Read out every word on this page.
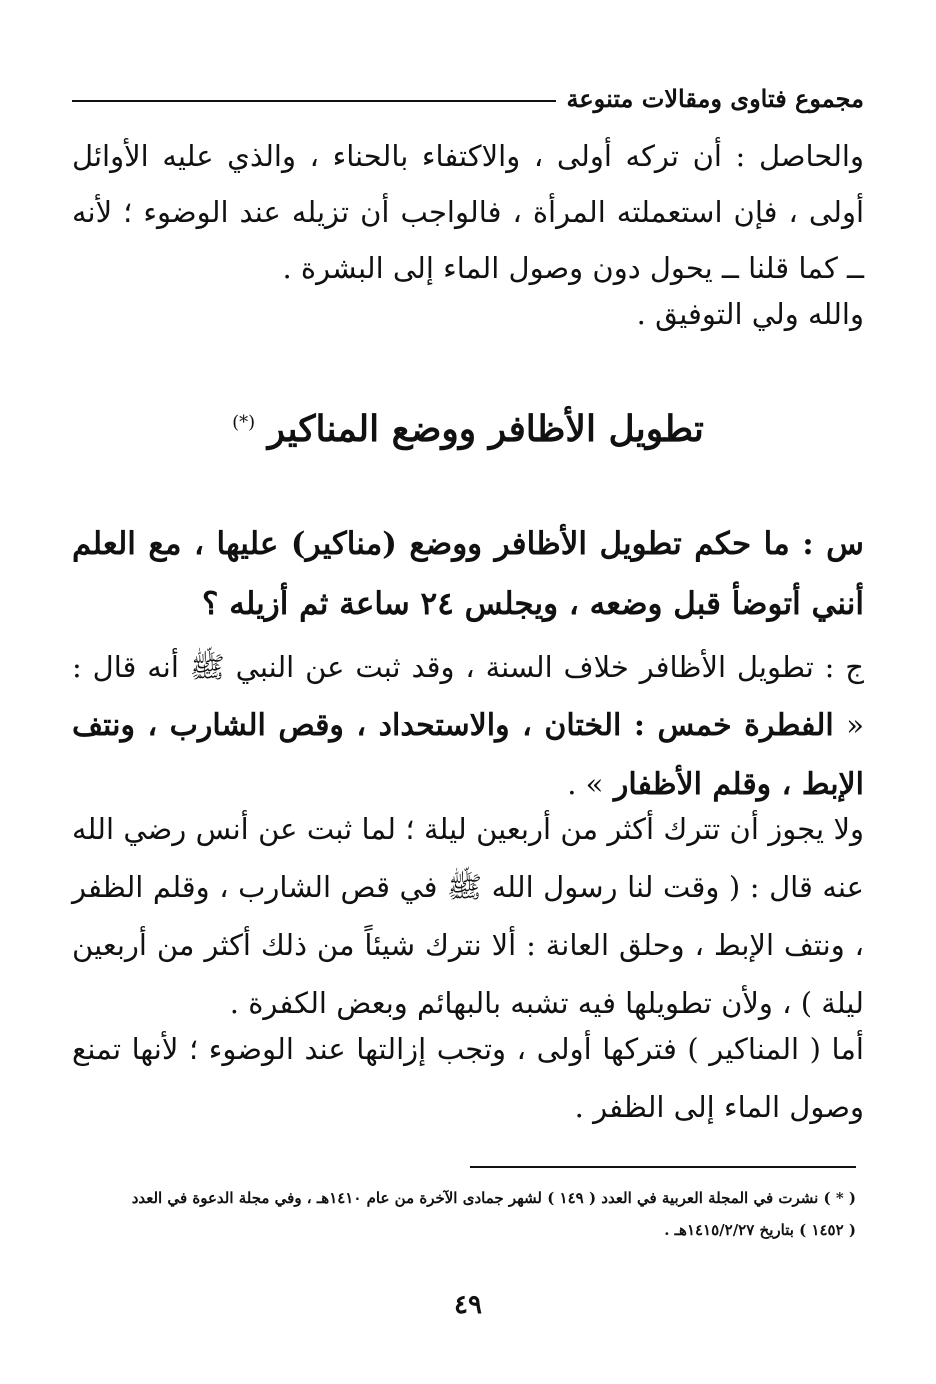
مجموع فتاوى ومقالات متنوعة
والحاصل : أن تركه أولى ، والاكتفاء بالحناء ، والذي عليه الأوائل أولى ، فإن استعملته المرأة ، فالواجب أن تزيله عند الوضوء ؛ لأنه ــ كما قلنا ــ يحول دون وصول الماء إلى البشرة .
والله ولي التوفيق .
تطويل الأظافر ووضع المناكير (*)
س : ما حكم تطويل الأظافر ووضع (مناكير) عليها ، مع العلم أنني أتوضأ قبل وضعه ، ويجلس ٢٤ ساعة ثم أزيله ؟
ج : تطويل الأظافر خلاف السنة ، وقد ثبت عن النبي ﷺ أنه قال : « الفطرة خمس : الختان ، والاستحداد ، وقص الشارب ، ونتف الإبط ، وقلم الأظفار » .
ولا يجوز أن تترك أكثر من أربعين ليلة ؛ لما ثبت عن أنس رضي الله عنه قال : ( وقت لنا رسول الله ﷺ في قص الشارب ، وقلم الظفر ، ونتف الإبط ، وحلق العانة : ألا نترك شيئاً من ذلك أكثر من أربعين ليلة ) ، ولأن تطويلها فيه تشبه بالبهائم وبعض الكفرة .
أما ( المناكير ) فتركها أولى ، وتجب إزالتها عند الوضوء ؛ لأنها تمنع وصول الماء إلى الظفر .
( * ) نشرت في المجلة العربية في العدد ( ١٤٩ ) لشهر جمادى الآخرة من عام ١٤١٠هـ ، وفي مجلة الدعوة في العدد
( ١٤٥٢ ) بتاريخ ١٤١٥/٢/٢٧هـ .
٤٩
